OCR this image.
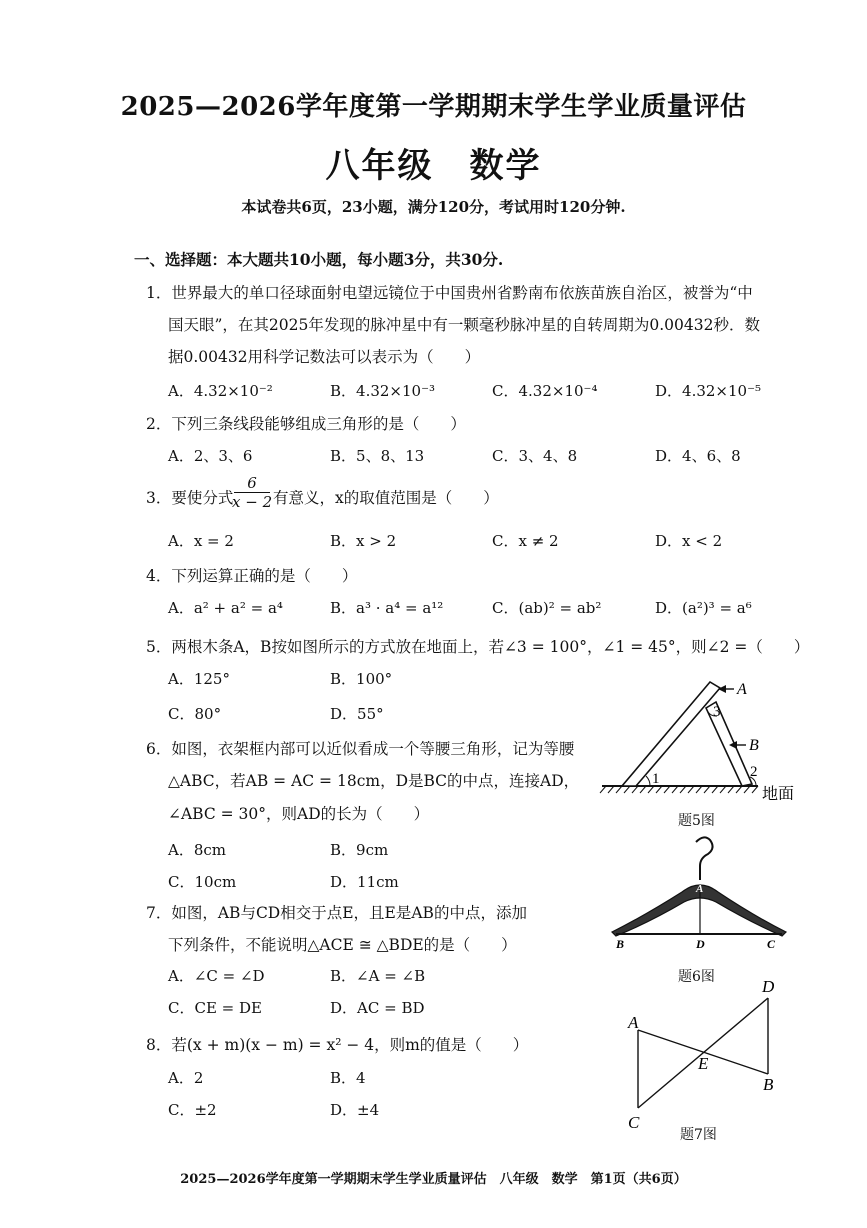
2025—2026学年度第一学期期末学生学业质量评估
八年级　数学
本试卷共6页，23小题，满分120分，考试用时120分钟.
一、选择题：本大题共10小题，每小题3分，共30分.
1．世界最大的单口径球面射电望远镜位于中国贵州省黔南布依族苗族自治区，被誉为“中
国天眼”，在其2025年发现的脉冲星中有一颗毫秒脉冲星的自转周期为0.00432秒．数
据0.00432用科学记数法可以表示为（　　）
A．4.32×10⁻²	B．4.32×10⁻³	C．4.32×10⁻⁴	D．4.32×10⁻⁵
2．下列三条线段能够组成三角形的是（　　）
A．2、3、6	B．5、8、13	C．3、4、8	D．4、6、8
3．要使分式
6
x − 2 有意义，x的取值范围是（　　）
A．x = 2	B．x > 2	C．x ≠ 2	D．x < 2
4．下列运算正确的是（　　）
A．a² + a² = a⁴	B．a³ · a⁴ = a¹²	C．(ab)² = ab²	D．(a²)³ = a⁶
5．两根木条A，B按如图所示的方式放在地面上，若∠3 = 100°，∠1 = 45°，则∠2 =（　　）
A．125°	B．100°
C．80°	D．55°
6．如图，衣架框内部可以近似看成一个等腰三角形，记为等腰
△ABC，若AB = AC = 18cm，D是BC的中点，连接AD，
∠ABC = 30°，则AD的长为（　　）
A．8cm	B．9cm
C．10cm	D．11cm
7．如图，AB与CD相交于点E，且E是AB的中点，添加
下列条件，不能说明△ACE ≅ △BDE的是（　　）
A．∠C = ∠D	B．∠A = ∠B
C．CE = DE	D．AC = BD
8．若(x + m)(x − m) = x² − 4，则m的值是（　　）
A．2	B．4
C．±2	D．±4
A
B
3
1	2
地面
题5图
A
B	D	C
题6图
A
C
D
B
E
题7图
2025—2026学年度第一学期期末学生学业质量评估　八年级　数学　第1页（共6页）
